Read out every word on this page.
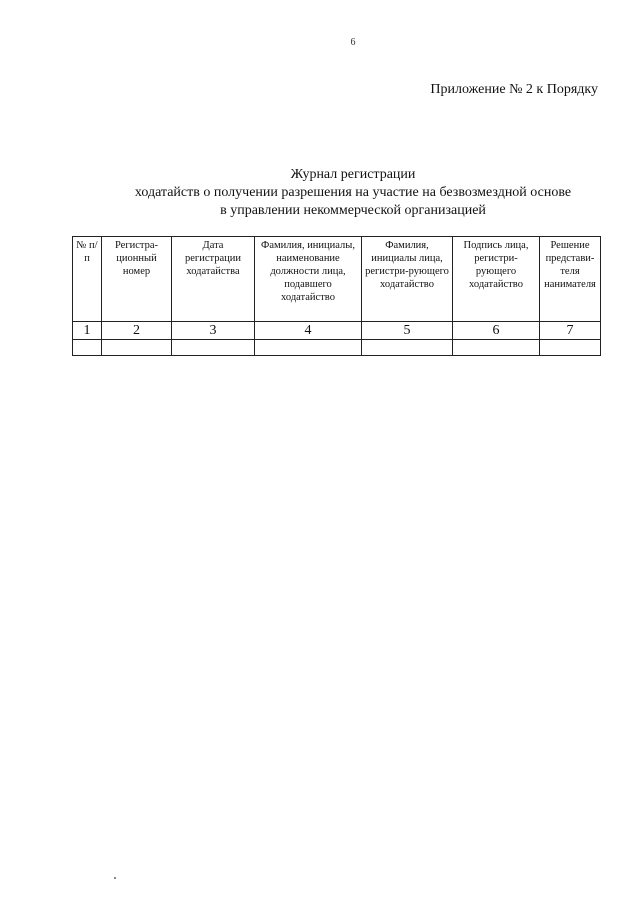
6
Приложение № 2 к Порядку
Журнал регистрации
ходатайств о получении разрешения на участие на безвозмездной основе
в управлении некоммерческой организацией
№ п/п	Регистра-ционный номер	Дата регистрации ходатайства	Фамилия, инициалы, наименование должности лица, подавшего ходатайство	Фамилия, инициалы лица, регистри-рующего ходатайство	Подпись лица, регистри-рующего ходатайство	Решение представи-теля нанимателя
1	2	3	4	5	6	7
